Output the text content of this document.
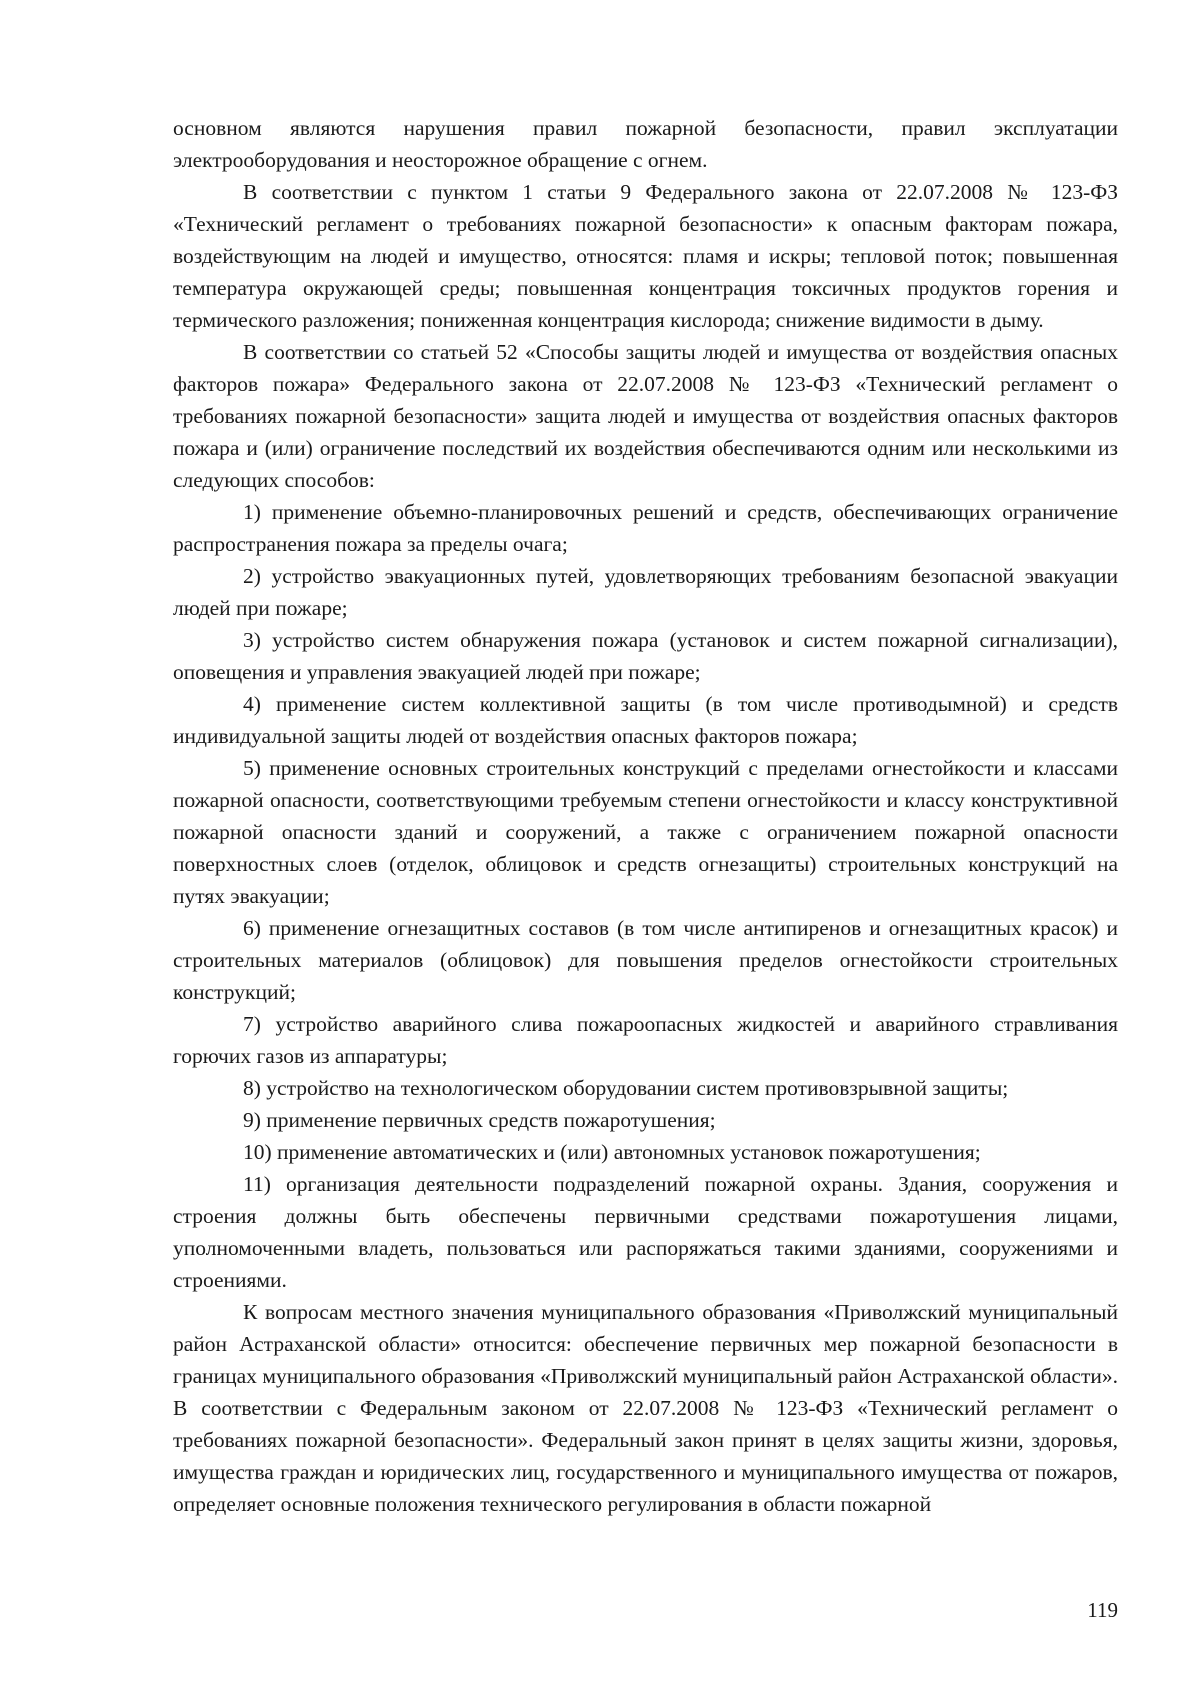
основном являются нарушения правил пожарной безопасности, правил эксплуатации электрооборудования и неосторожное обращение с огнем.

В соответствии с пунктом 1 статьи 9 Федерального закона от 22.07.2008 № 123-ФЗ «Технический регламент о требованиях пожарной безопасности» к опасным факторам пожара, воздействующим на людей и имущество, относятся: пламя и искры; тепловой поток; повышенная температура окружающей среды; повышенная концентрация токсичных продуктов горения и термического разложения; пониженная концентрация кислорода; снижение видимости в дыму.

В соответствии со статьей 52 «Способы защиты людей и имущества от воздействия опасных факторов пожара» Федерального закона от 22.07.2008 № 123-ФЗ «Технический регламент о требованиях пожарной безопасности» защита людей и имущества от воздействия опасных факторов пожара и (или) ограничение последствий их воздействия обеспечиваются одним или несколькими из следующих способов:

1) применение объемно-планировочных решений и средств, обеспечивающих ограничение распространения пожара за пределы очага;

2) устройство эвакуационных путей, удовлетворяющих требованиям безопасной эвакуации людей при пожаре;

3) устройство систем обнаружения пожара (установок и систем пожарной сигнализации), оповещения и управления эвакуацией людей при пожаре;

4) применение систем коллективной защиты (в том числе противодымной) и средств индивидуальной защиты людей от воздействия опасных факторов пожара;

5) применение основных строительных конструкций с пределами огнестойкости и классами пожарной опасности, соответствующими требуемым степени огнестойкости и классу конструктивной пожарной опасности зданий и сооружений, а также с ограничением пожарной опасности поверхностных слоев (отделок, облицовок и средств огнезащиты) строительных конструкций на путях эвакуации;

6) применение огнезащитных составов (в том числе антипиренов и огнезащитных красок) и строительных материалов (облицовок) для повышения пределов огнестойкости строительных конструкций;

7) устройство аварийного слива пожароопасных жидкостей и аварийного стравливания горючих газов из аппаратуры;

8) устройство на технологическом оборудовании систем противовзрывной защиты;

9) применение первичных средств пожаротушения;

10) применение автоматических и (или) автономных установок пожаротушения;

11) организация деятельности подразделений пожарной охраны. Здания, сооружения и строения должны быть обеспечены первичными средствами пожаротушения лицами, уполномоченными владеть, пользоваться или распоряжаться такими зданиями, сооружениями и строениями.

К вопросам местного значения муниципального образования «Приволжский муниципальный район Астраханской области» относится: обеспечение первичных мер пожарной безопасности в границах муниципального образования «Приволжский муниципальный район Астраханской области». В соответствии с Федеральным законом от 22.07.2008 № 123-ФЗ «Технический регламент о требованиях пожарной безопасности». Федеральный закон принят в целях защиты жизни, здоровья, имущества граждан и юридических лиц, государственного и муниципального имущества от пожаров, определяет основные положения технического регулирования в области пожарной

119
